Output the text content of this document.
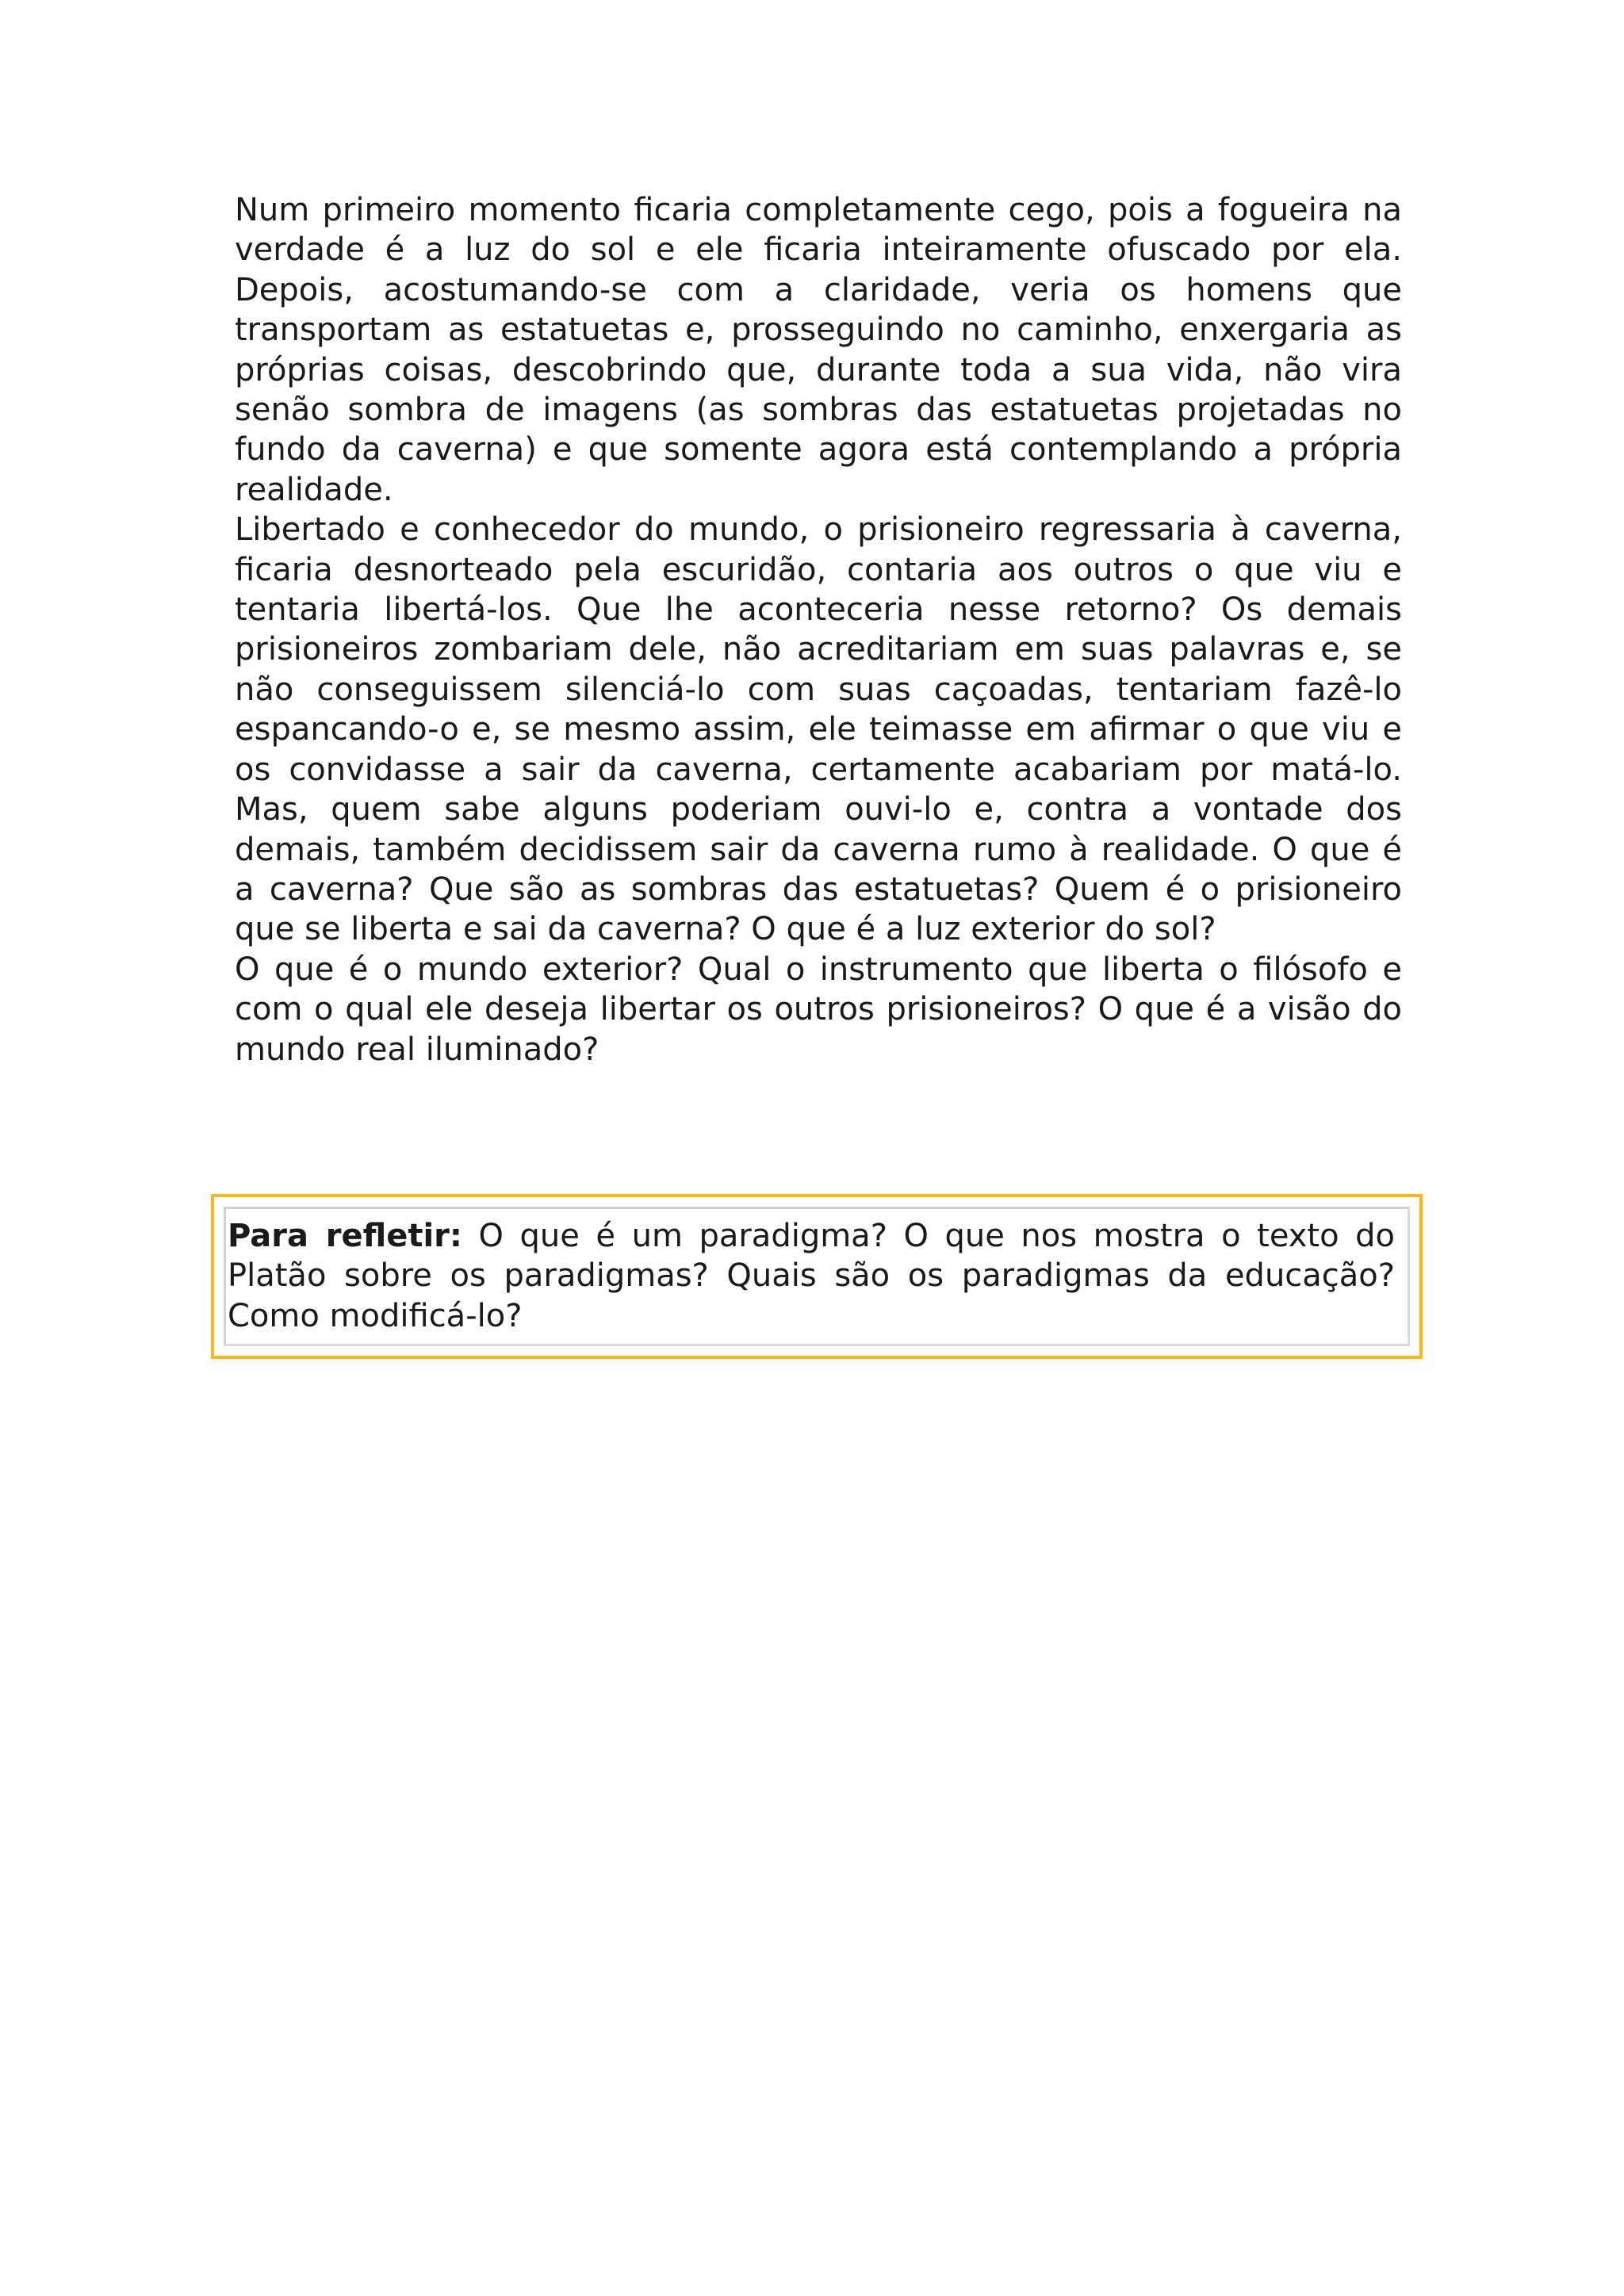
Num primeiro momento ficaria completamente cego, pois a fogueira na verdade é a luz do sol e ele ficaria inteiramente ofuscado por ela. Depois, acostumando-se com a claridade, veria os homens que transportam as estatuetas e, prosseguindo no caminho, enxergaria as próprias coisas, descobrindo que, durante toda a sua vida, não vira senão sombra de imagens (as sombras das estatuetas projetadas no fundo da caverna) e que somente agora está contemplando a própria realidade.

Libertado e conhecedor do mundo, o prisioneiro regressaria à caverna, ficaria desnorteado pela escuridão, contaria aos outros o que viu e tentaria libertá-los. Que lhe aconteceria nesse retorno? Os demais prisioneiros zombariam dele, não acreditariam em suas palavras e, se não conseguissem silenciá-lo com suas caçoadas, tentariam fazê-lo espancando-o e, se mesmo assim, ele teimasse em afirmar o que viu e os convidasse a sair da caverna, certamente acabariam por matá-lo.

Mas, quem sabe alguns poderiam ouvi-lo e, contra a vontade dos demais, também decidissem sair da caverna rumo à realidade. O que é a caverna? Que são as sombras das estatuetas? Quem é o prisioneiro que se liberta e sai da caverna? O que é a luz exterior do sol?

O que é o mundo exterior? Qual o instrumento que liberta o filósofo e com o qual ele deseja libertar os outros prisioneiros? O que é a visão do mundo real iluminado?

Para refletir: O que é um paradigma? O que nos mostra o texto do Platão sobre os paradigmas? Quais são os paradigmas da educação? Como modificá-lo?
